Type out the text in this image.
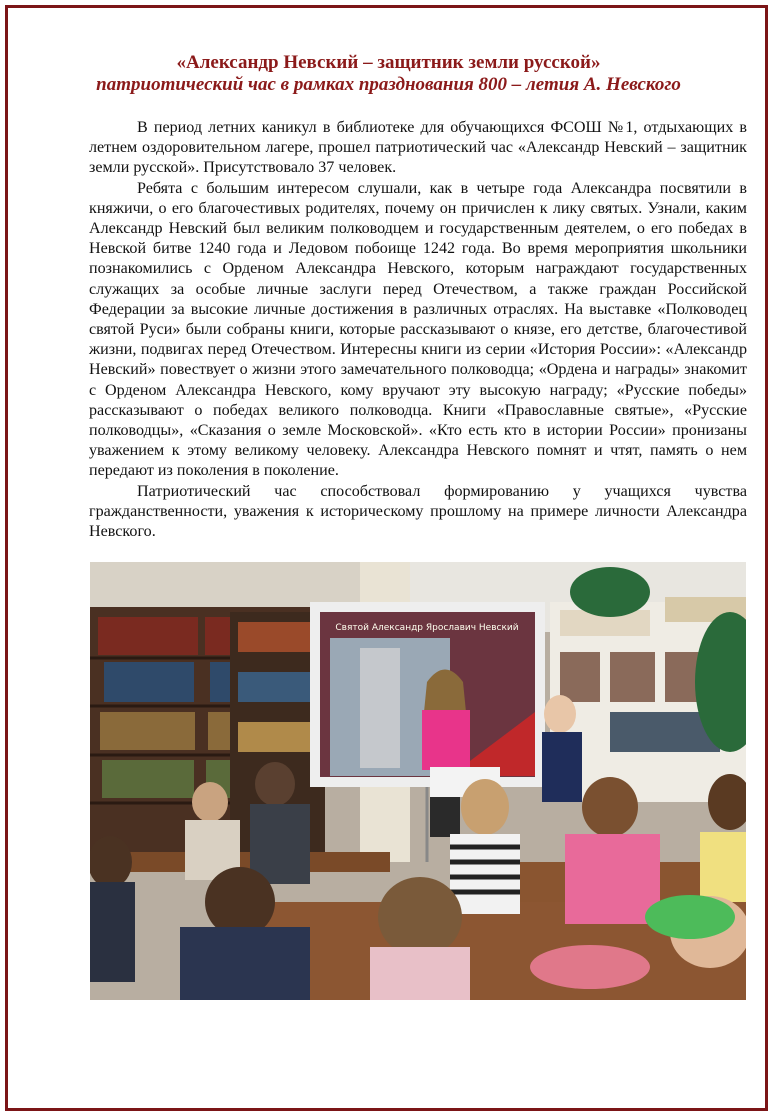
«Александр Невский – защитник земли русской»
патриотический час в рамках празднования 800 – летия А. Невского

В период летних каникул в библиотеке для обучающихся ФСОШ №1, отдыхающих в летнем оздоровительном лагере, прошел патриотический час «Александр Невский – защитник земли русской». Присутствовало 37 человек.

Ребята с большим интересом слушали, как в четыре года Александра посвятили в княжичи, о его благочестивых родителях, почему он причислен к лику святых. Узнали, каким Александр Невский был великим полководцем и государственным деятелем, о его победах в Невской битве 1240 года и Ледовом побоище 1242 года. Во время мероприятия школьники познакомились с Орденом Александра Невского, которым награждают государственных служащих за особые личные заслуги перед Отечеством, а также граждан Российской Федерации за высокие личные достижения в различных отраслях. На выставке «Полководец святой Руси» были собраны книги, которые рассказывают о князе, его детстве, благочестивой жизни, подвигах перед Отечеством. Интересны книги из серии «История России»: «Александр Невский» повествует о жизни этого замечательного полководца; «Ордена и награды» знакомит с Орденом Александра Невского, кому вручают эту высокую награду; «Русские победы» рассказывают о победах великого полководца. Книги «Православные святые», «Русские полководцы», «Сказания о земле Московской». «Кто есть кто в истории России» пронизаны уважением к этому великому человеку. Александра Невского помнят и чтят, память о нем передают из поколения в поколение.

Патриотический час способствовал формированию у учащихся чувства гражданственности, уважения к историческому прошлому на примере личности Александра Невского.

Святой Александр Ярославич Невский
